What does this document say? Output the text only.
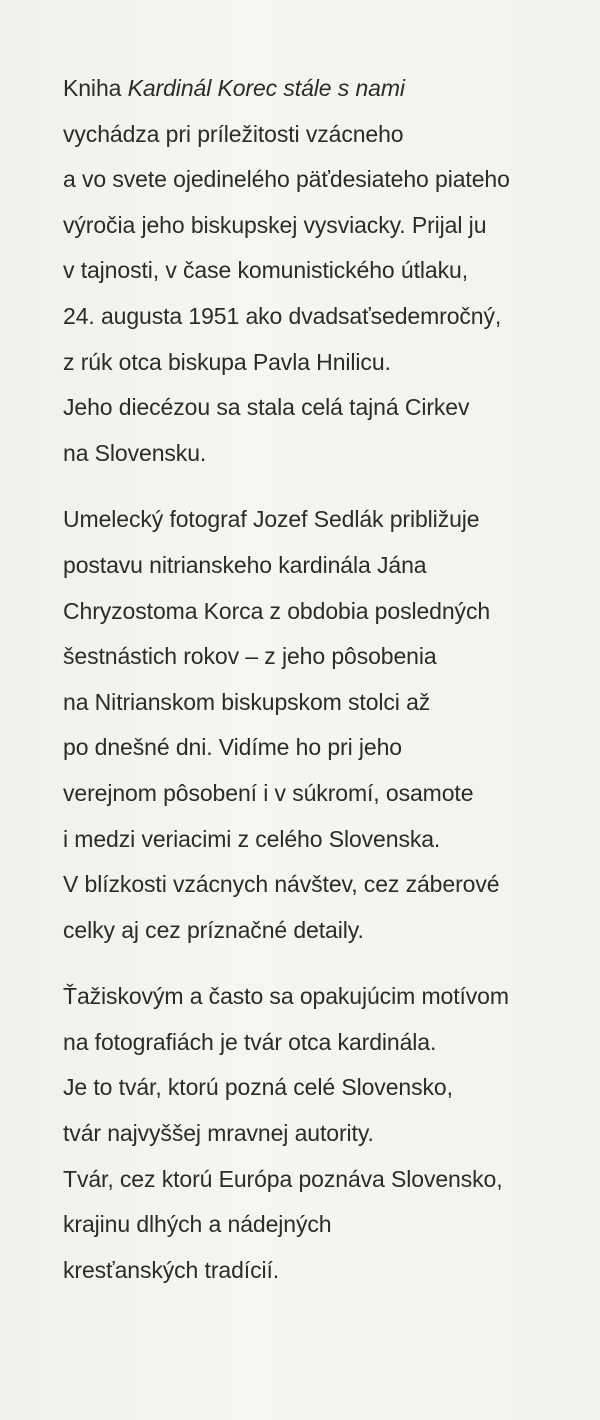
Kniha Kardinál Korec stále s nami
vychádza pri príležitosti vzácneho
a vo svete ojedinelého päťdesiateho piateho
výročia jeho biskupskej vysviacky. Prijal ju
v tajnosti, v čase komunistického útlaku,
24. augusta 1951 ako dvadsaťsedemročný,
z rúk otca biskupa Pavla Hnilicu.
Jeho diecézou sa stala celá tajná Cirkev
na Slovensku.

Umelecký fotograf Jozef Sedlák približuje
postavu nitrianskeho kardinála Jána
Chryzostoma Korca z obdobia posledných
šestnástich rokov – z jeho pôsobenia
na Nitrianskom biskupskom stolci až
po dnešné dni. Vidíme ho pri jeho
verejnom pôsobení i v súkromí, osamote
i medzi veriacimi z celého Slovenska.
V blízkosti vzácnych návštev, cez záberové
celky aj cez príznačné detaily.

Ťažiskovým a často sa opakujúcim motívom
na fotografiách je tvár otca kardinála.
Je to tvár, ktorú pozná celé Slovensko,
tvár najvyššej mravnej autority.
Tvár, cez ktorú Európa poznáva Slovensko,
krajinu dlhých a nádejných
kresťanských tradícií.
